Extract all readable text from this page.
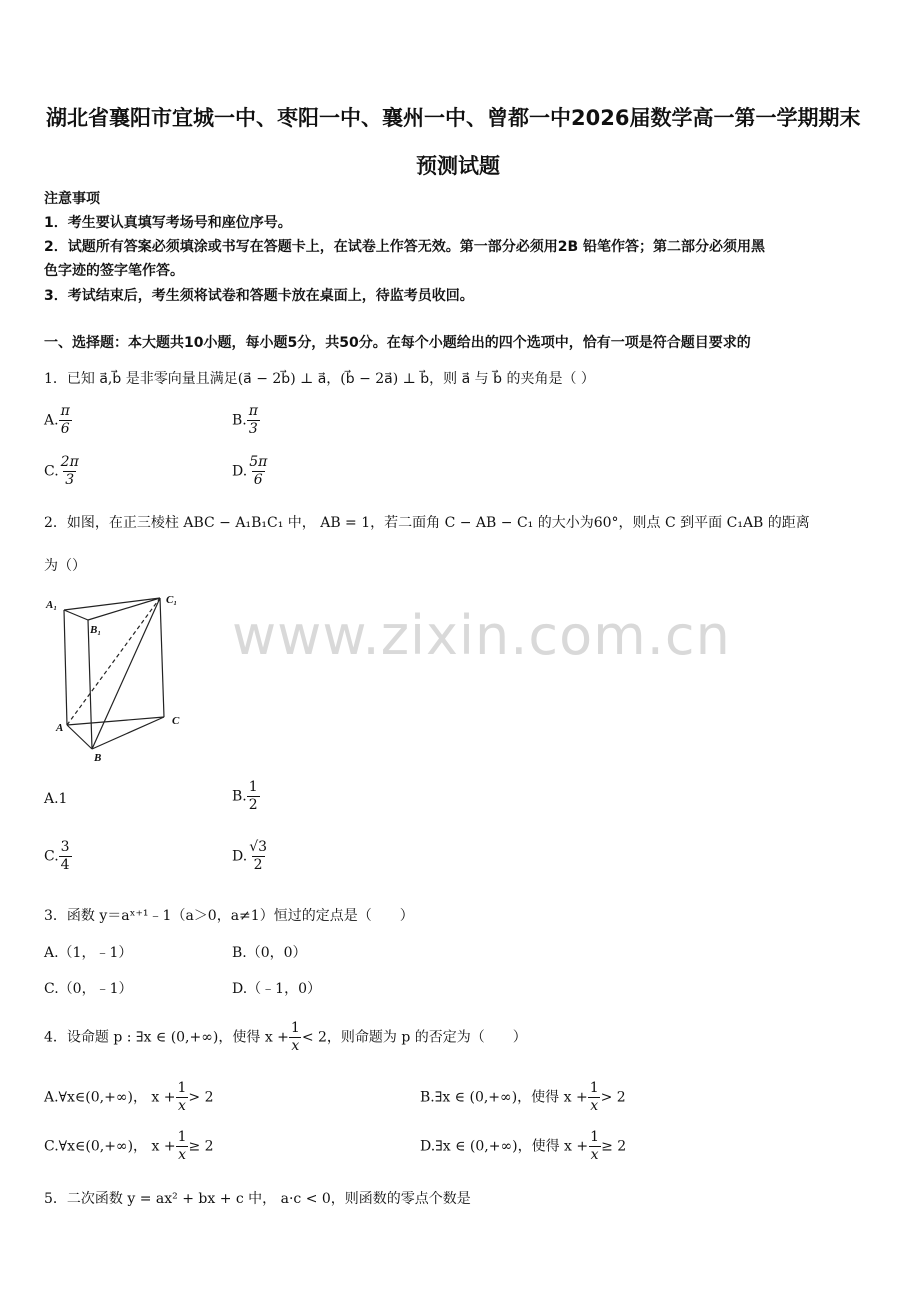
湖北省襄阳市宜城一中、枣阳一中、襄州一中、曾都一中2026届数学高一第一学期期末
预测试题
注意事项
1．考生要认真填写考场号和座位序号。
2．试题所有答案必须填涂或书写在答题卡上，在试卷上作答无效。第一部分必须用2B 铅笔作答；第二部分必须用黑
色字迹的签字笔作答。
3．考试结束后，考生须将试卷和答题卡放在桌面上，待监考员收回。
一、选择题：本大题共10小题，每小题5分，共50分。在每个小题给出的四个选项中，恰有一项是符合题目要求的
1．已知 a⃗,b⃗ 是非零向量且满足(a⃗ − 2b⃗) ⊥ a⃗，(b⃗ − 2a⃗) ⊥ b⃗，则 a⃗ 与 b⃗ 的夹角是（ ）
A. $\frac{\pi}{6}$	B. $\frac{\pi}{3}$
C. $\frac{2\pi}{3}$	D. $\frac{5\pi}{6}$
2．如图，在正三棱柱 ABC − A₁B₁C₁ 中， AB = 1，若二面角 C − AB − C₁ 的大小为60°，则点 C 到平面 C₁AB 的距离
为（）
A₁
B₁
C₁
A
B
C
A.1	B. $\frac{1}{2}$
C. $\frac{3}{4}$	D. $\frac{√3}{2}$
3．函数 y＝aˣ⁺¹﹣1（a＞0，a≠1）恒过的定点是（　　）
A.（1，﹣1）	B.（0，0）
C.（0，﹣1）	D.（﹣1，0）
4．设命题 p : ∃x ∈ (0,+∞)，使得 $x + \frac{1}{x} < 2$，则命题为 p 的否定为（　　）
A.∀x∈(0,+∞)， $x + \frac{1}{x} > 2$	B.∃x ∈ (0,+∞)，使得 $x + \frac{1}{x} > 2$
C.∀x∈(0,+∞)， $x + \frac{1}{x} \ge 2$	D.∃x ∈ (0,+∞)，使得 $x + \frac{1}{x} \ge 2$
5．二次函数 y = ax² + bx + c 中， a·c < 0，则函数的零点个数是
www.zixin.com.cn
